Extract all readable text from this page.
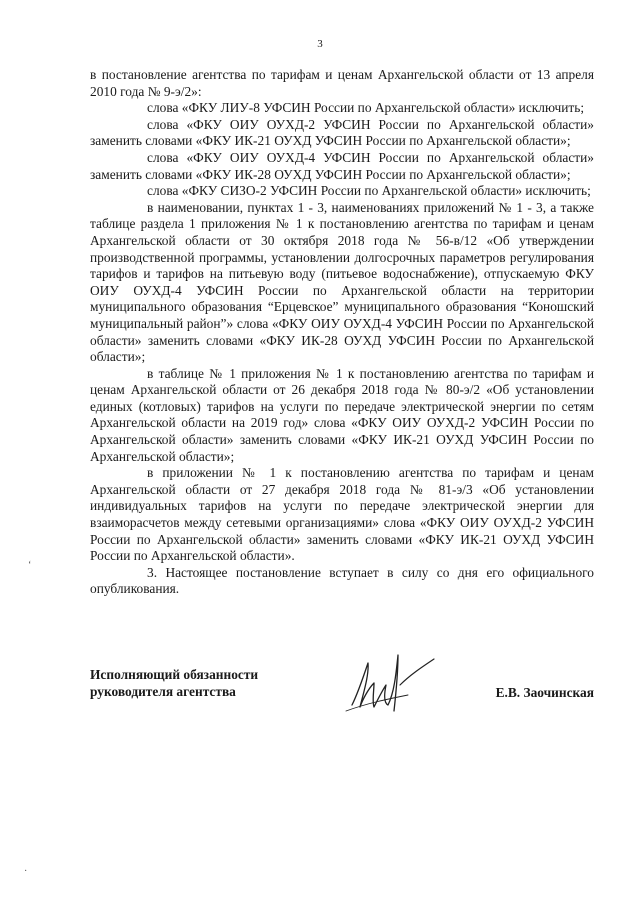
3

в постановление агентства по тарифам и ценам Архангельской области от 13 апреля 2010 года № 9-э/2»:

слова «ФКУ ЛИУ-8 УФСИН России по Архангельской области» исключить;

слова «ФКУ ОИУ ОУХД-2 УФСИН России по Архангельской области» заменить словами «ФКУ ИК-21 ОУХД УФСИН России по Архангельской области»;

слова «ФКУ ОИУ ОУХД-4 УФСИН России по Архангельской области» заменить словами «ФКУ ИК-28 ОУХД УФСИН России по Архангельской области»;

слова «ФКУ СИЗО-2 УФСИН России по Архангельской области» исключить;

в наименовании, пунктах 1 - 3, наименованиях приложений № 1 - 3, а также таблице раздела 1 приложения № 1 к постановлению агентства по тарифам и ценам Архангельской области от 30 октября 2018 года № 56-в/12 «Об утверждении производственной программы, установлении долгосрочных параметров регулирования тарифов и тарифов на питьевую воду (питьевое водоснабжение), отпускаемую ФКУ ОИУ ОУХД-4 УФСИН России по Архангельской области на территории муниципального образования “Ерцевское” муниципального образования “Коношский муниципальный район”» слова «ФКУ ОИУ ОУХД-4 УФСИН России по Архангельской области» заменить словами «ФКУ ИК-28 ОУХД УФСИН России по Архангельской области»;

в таблице № 1 приложения № 1 к постановлению агентства по тарифам и ценам Архангельской области от 26 декабря 2018 года № 80-э/2 «Об установлении единых (котловых) тарифов на услуги по передаче электрической энергии по сетям Архангельской области на 2019 год» слова «ФКУ ОИУ ОУХД-2 УФСИН России по Архангельской области» заменить словами «ФКУ ИК-21 ОУХД УФСИН России по Архангельской области»;

в приложении № 1 к постановлению агентства по тарифам и ценам Архангельской области от 27 декабря 2018 года № 81-э/3 «Об установлении индивидуальных тарифов на услуги по передаче электрической энергии для взаиморасчетов между сетевыми организациями» слова «ФКУ ОИУ ОУХД-2 УФСИН России по Архангельской области» заменить словами «ФКУ ИК-21 ОУХД УФСИН России по Архангельской области».

3. Настоящее постановление вступает в силу со дня его официального опубликования.

Исполняющий обязанности
руководителя агентства	Е.В. Заочинская
ʻ
·
